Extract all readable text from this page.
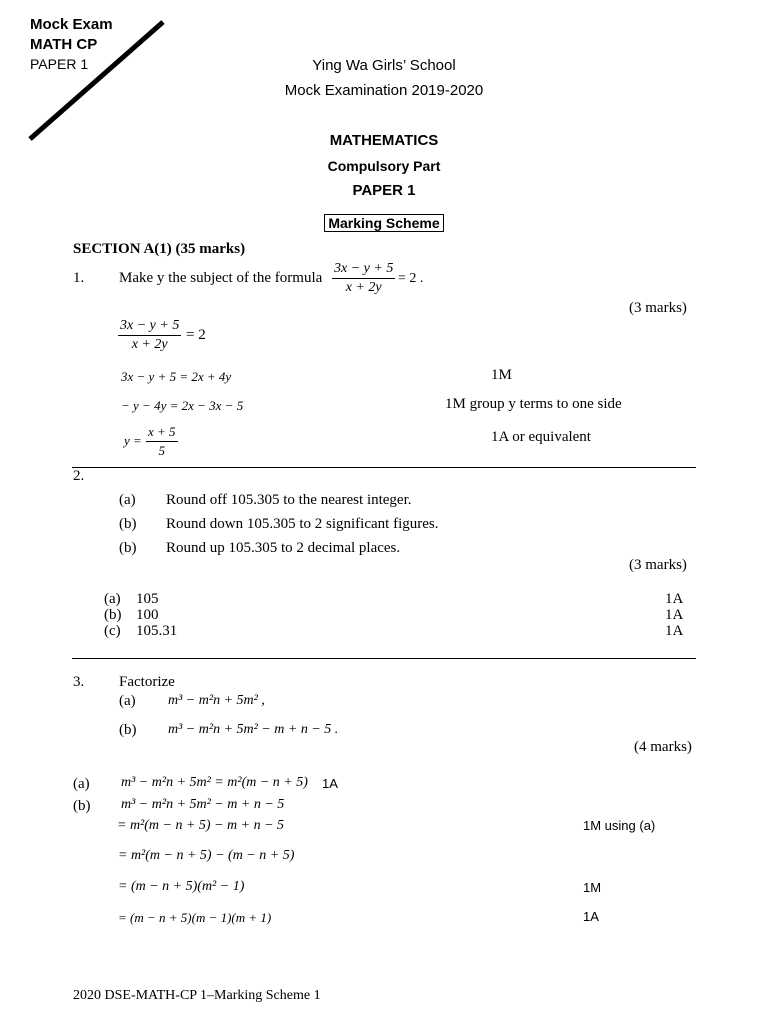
Mock Exam
MATH CP
PAPER 1	Ying Wa Girls’ School
Mock Examination 2019-2020
MATHEMATICS
Compulsory Part
PAPER 1
Marking Scheme
SECTION A(1) (35 marks)
1. Make y the subject of the formula $\frac{3x - y + 5}{x + 2y} = 2$ .
(3 marks)
$\frac{3x - y + 5}{x + 2y} = 2$
3x − y + 5 = 2x + 4y	1M
− y − 4y = 2x − 3x − 5	1M group y terms to one side
$y = \frac{x + 5}{5}$	1A or equivalent
2.
(a) Round off 105.305 to the nearest integer.
(b) Round down 105.305 to 2 significant figures.
(b) Round up 105.305 to 2 decimal places.
(3 marks)
(a) 105	1A
(b) 100	1A
(c) 105.31	1A
3. Factorize
(a) m³ − m²n + 5m² ,
(b) m³ − m²n + 5m² − m + n − 5 .
(4 marks)
(a) m³ − m²n + 5m² = m²(m − n + 5) 1A
(b) m³ − m²n + 5m² − m + n − 5
= m²(m − n + 5) − m + n − 5	1M using (a)
= m²(m − n + 5) − (m − n + 5)
= (m − n + 5)(m² − 1)	1M
= (m − n + 5)(m − 1)(m + 1)	1A
2020 DSE-MATH-CP 1–Marking Scheme 1
